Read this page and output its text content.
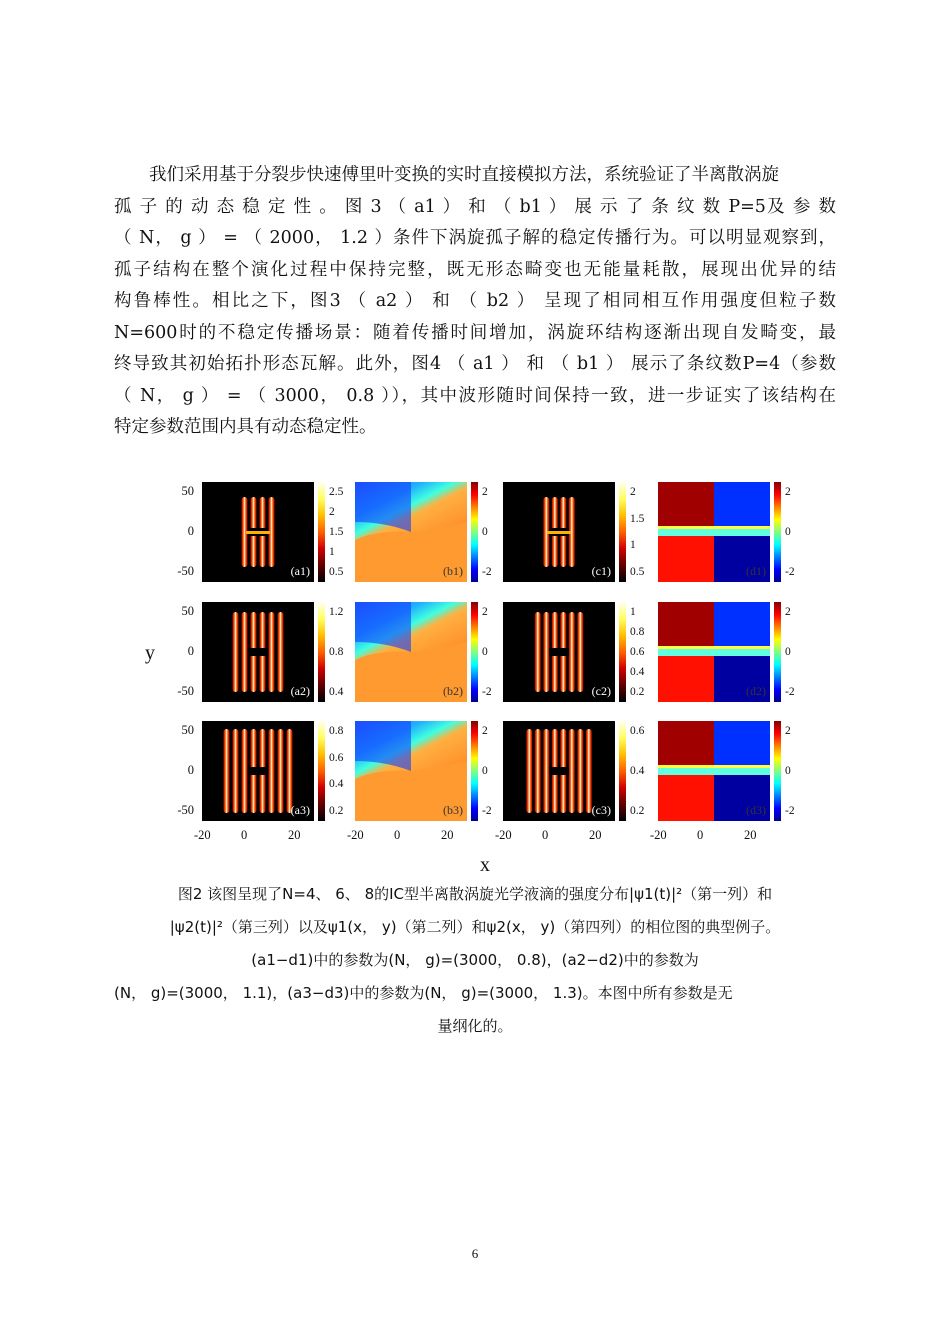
我们采用基于分裂步快速傅里叶变换的实时直接模拟方法，系统验证了半离散涡旋
孤 子 的 动 态 稳 定 性 。 图 3 （ a1 ） 和 （ b1 ） 展 示 了 条 纹 数 P=5及 参 数
（ N， g ） = （ 2000， 1.2 ）条件下涡旋孤子解的稳定传播行为。可以明显观察到，
孤子结构在整个演化过程中保持完整，既无形态畸变也无能量耗散，展现出优异的结
构鲁棒性。相比之下，图3 （ a2 ） 和 （ b2 ） 呈现了相同相互作用强度但粒子数
N=600时的不稳定传播场景：随着传播时间增加，涡旋环结构逐渐出现自发畸变，最
终导致其初始拓扑形态瓦解。此外，图4 （ a1 ） 和 （ b1 ） 展示了条纹数P=4（参数
（ N， g ） = （ 3000， 0.8 ）），其中波形随时间保持一致，进一步证实了该结构在
特定参数范围内具有动态稳定性。
y
x
50
0
-50	(a1)
2.5
2
1.5
1
0.5	(b1)
2
0
-2	(c1)
2
1.5
1
0.5	(d1)
2
0
-2
50
0
-50	(a2)
1.2
0.8
0.4	(b2)
2
0
-2	(c2)
1
0.8
0.6
0.4
0.2	(d2)
2
0
-2
50
0
-50	(a3)
0.8
0.6
0.4
0.2	(b3)
2
0
-2	(c3)
0.6
0.4
0.2	(d3)
2
0
-2
-20 0	20	-20 0	20	-20 0	20	-20 0	20
图2 该图呈现了N=4、 6、 8的IC型半离散涡旋光学液滴的强度分布|ψ1(t)|²（第一列）和
|ψ2(t)|²（第三列）以及ψ1(x， y)（第二列）和ψ2(x， y)（第四列）的相位图的典型例子。
(a1−d1)中的参数为(N， g)=(3000， 0.8)，(a2−d2)中的参数为
(N， g)=(3000， 1.1)，(a3−d3)中的参数为(N， g)=(3000， 1.3)。本图中所有参数是无
量纲化的。
6
